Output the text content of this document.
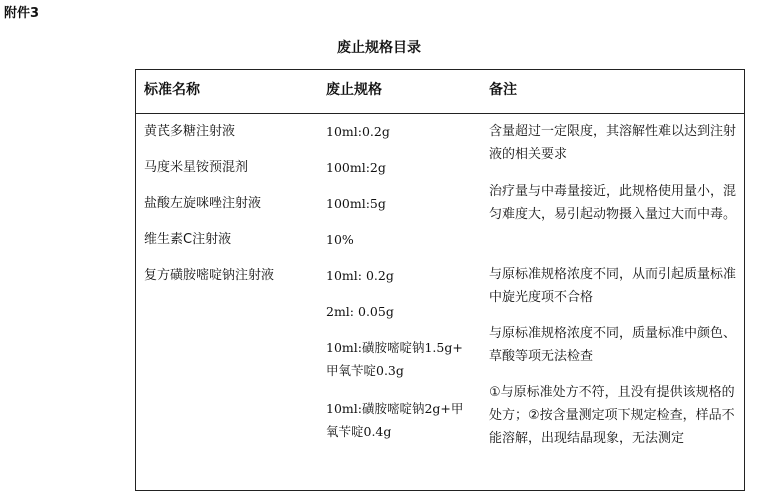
附件3
废止规格目录
标准名称	废止规格	备注
黄芪多糖注射液
马度米星铵预混剂
盐酸左旋咪唑注射液
维生素C注射液
复方磺胺嘧啶钠注射液
10ml:0.2g
100ml:2g
100ml:5g
10%
10ml: 0.2g
2ml: 0.05g
10ml:磺胺嘧啶钠1.5g+
甲氧苄啶0.3g
10ml:磺胺嘧啶钠2g+甲
氧苄啶0.4g
含量超过一定限度，其溶解性难以达到注射液的相关要求
治疗量与中毒量接近，此规格使用量小，混匀难度大，易引起动物摄入量过大而中毒。
与原标准规格浓度不同，从而引起质量标准中旋光度项不合格
与原标准规格浓度不同，质量标准中颜色、草酸等项无法检查
①与原标准处方不符，且没有提供该规格的处方；②按含量测定项下规定检查，样品不能溶解，出现结晶现象，无法测定
